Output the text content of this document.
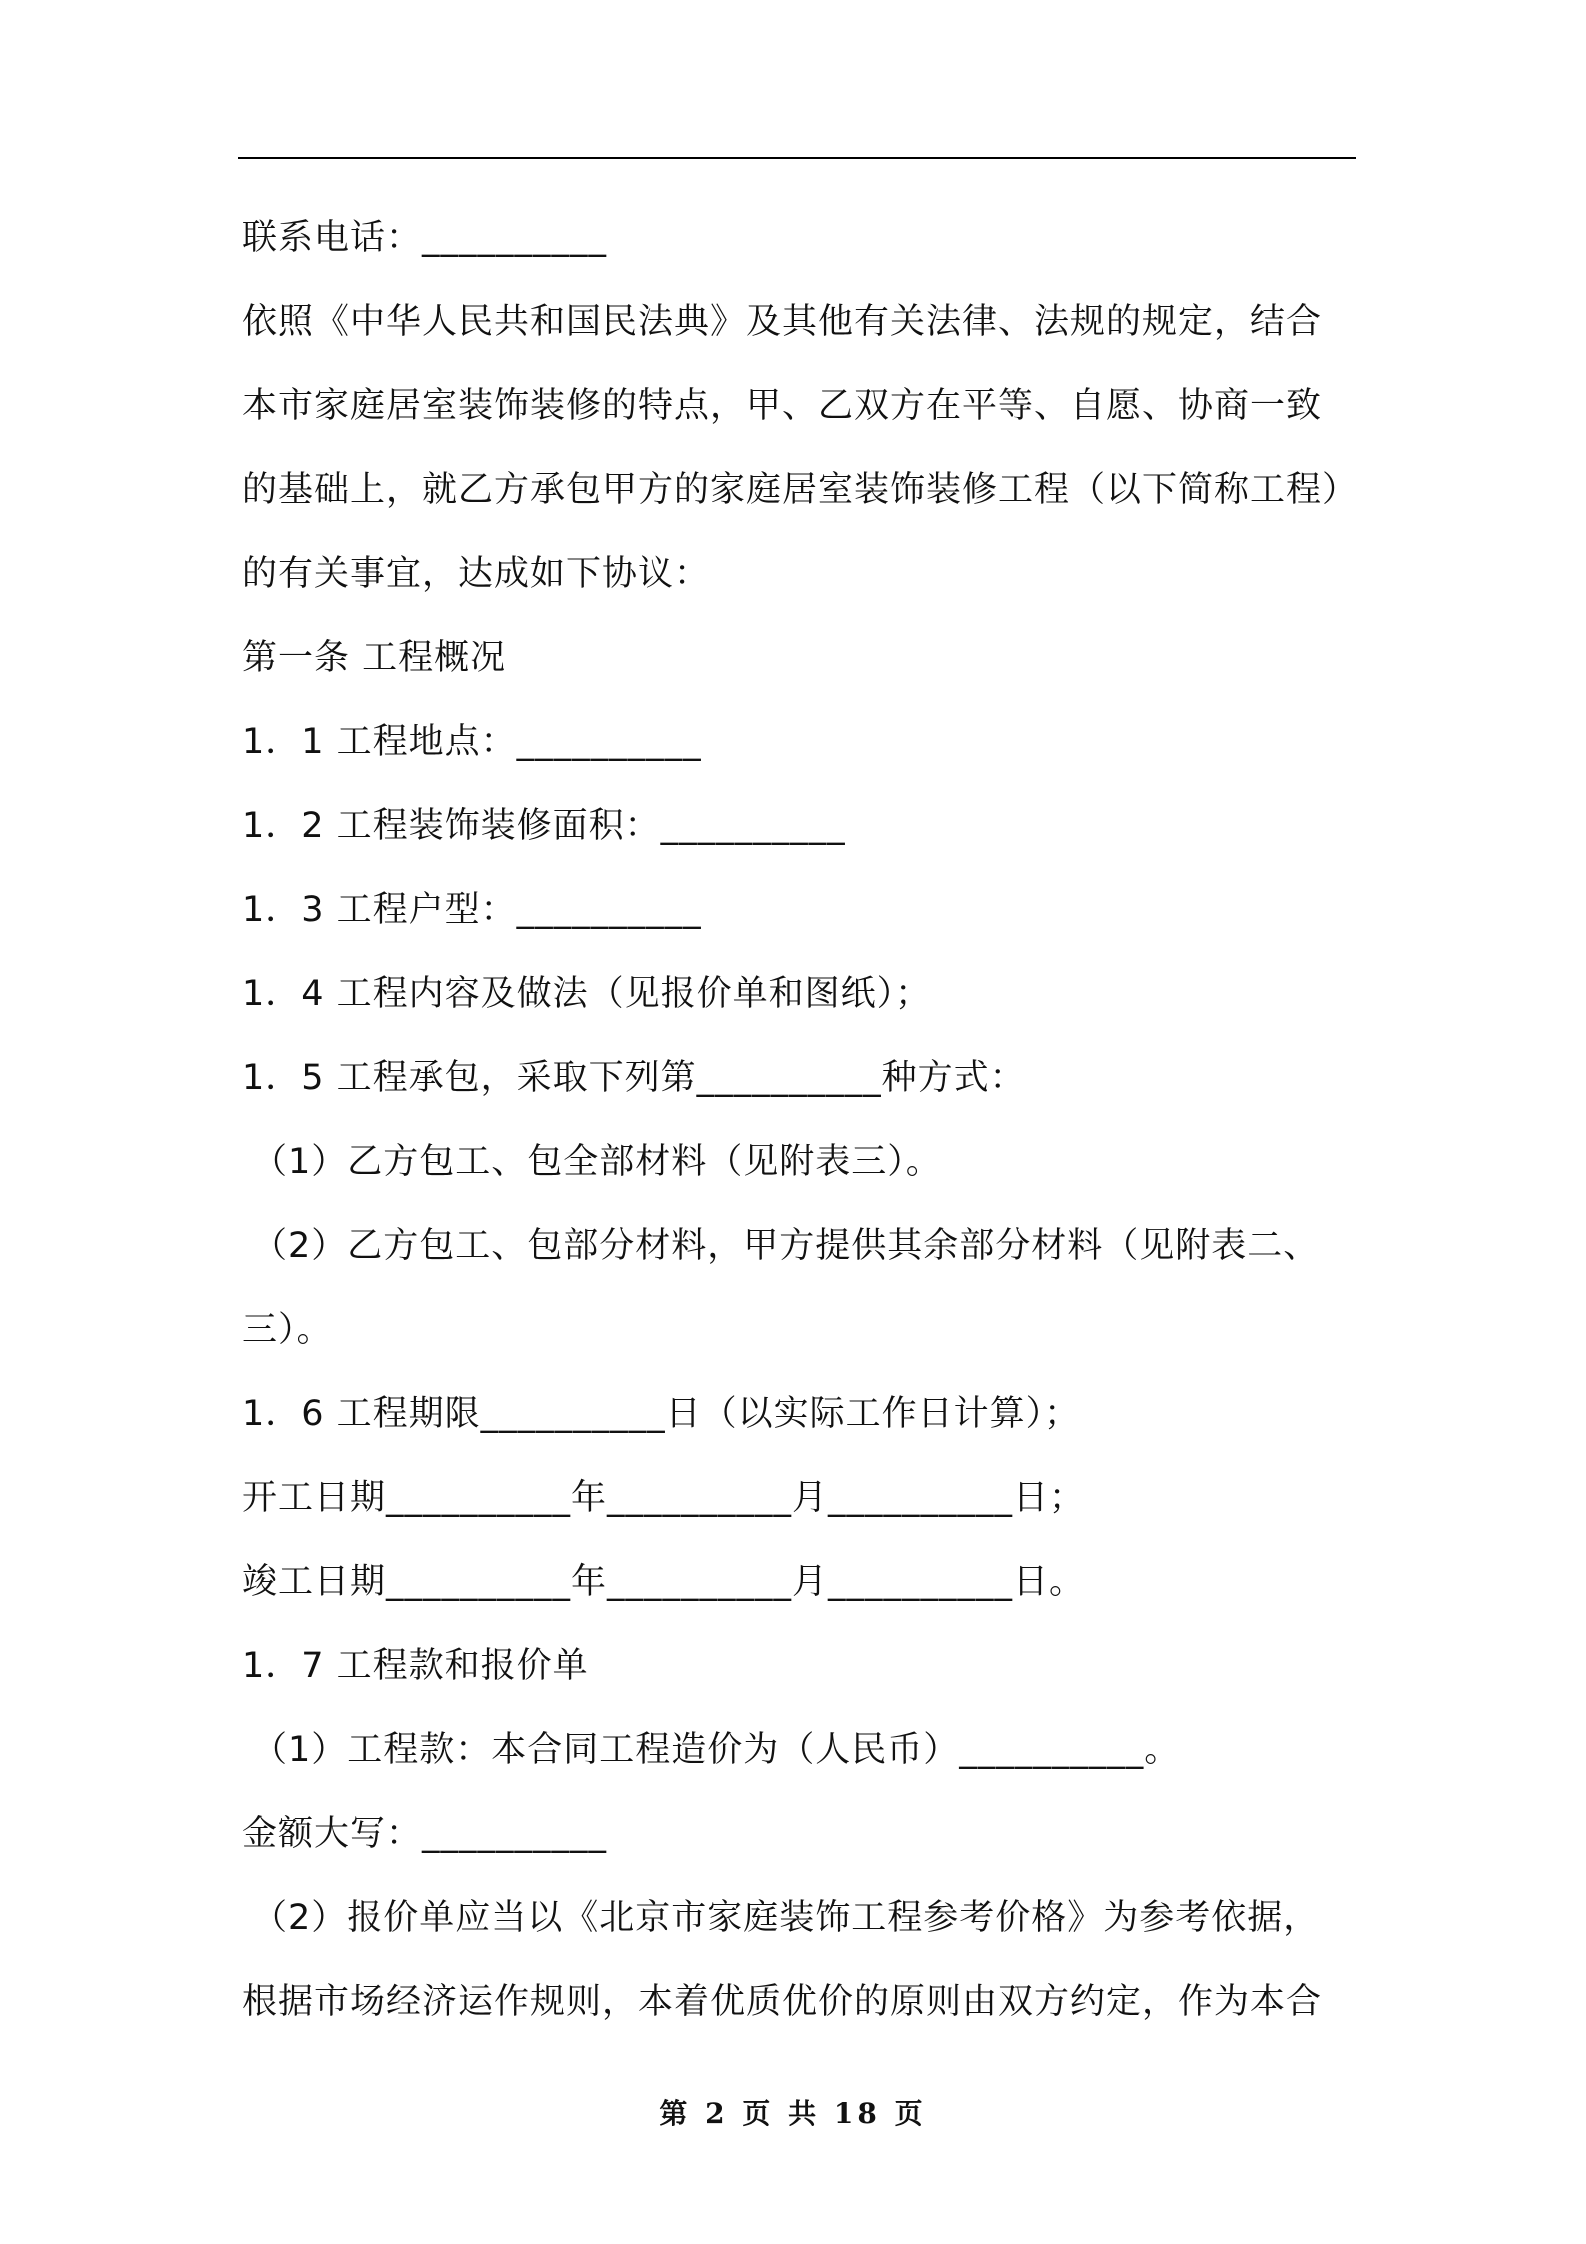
联系电话：__________
依照《中华人民共和国民法典》及其他有关法律、法规的规定，结合
本市家庭居室装饰装修的特点，甲、乙双方在平等、自愿、协商一致
的基础上，就乙方承包甲方的家庭居室装饰装修工程（以下简称工程）
的有关事宜，达成如下协议：
第一条 工程概况
1．1 工程地点：__________
1．2 工程装饰装修面积：__________
1．3 工程户型：__________
1．4 工程内容及做法（见报价单和图纸）；
1．5 工程承包，采取下列第__________种方式：
（1）乙方包工、包全部材料（见附表三）。
（2）乙方包工、包部分材料，甲方提供其余部分材料（见附表二、
三）。
1．6 工程期限__________日（以实际工作日计算）；
开工日期__________年__________月__________日；
竣工日期__________年__________月__________日。
1．7 工程款和报价单
（1）工程款：本合同工程造价为（人民币）__________。
金额大写：__________
（2）报价单应当以《北京市家庭装饰工程参考价格》为参考依据，
根据市场经济运作规则，本着优质优价的原则由双方约定，作为本合
第 2 页 共 18 页
